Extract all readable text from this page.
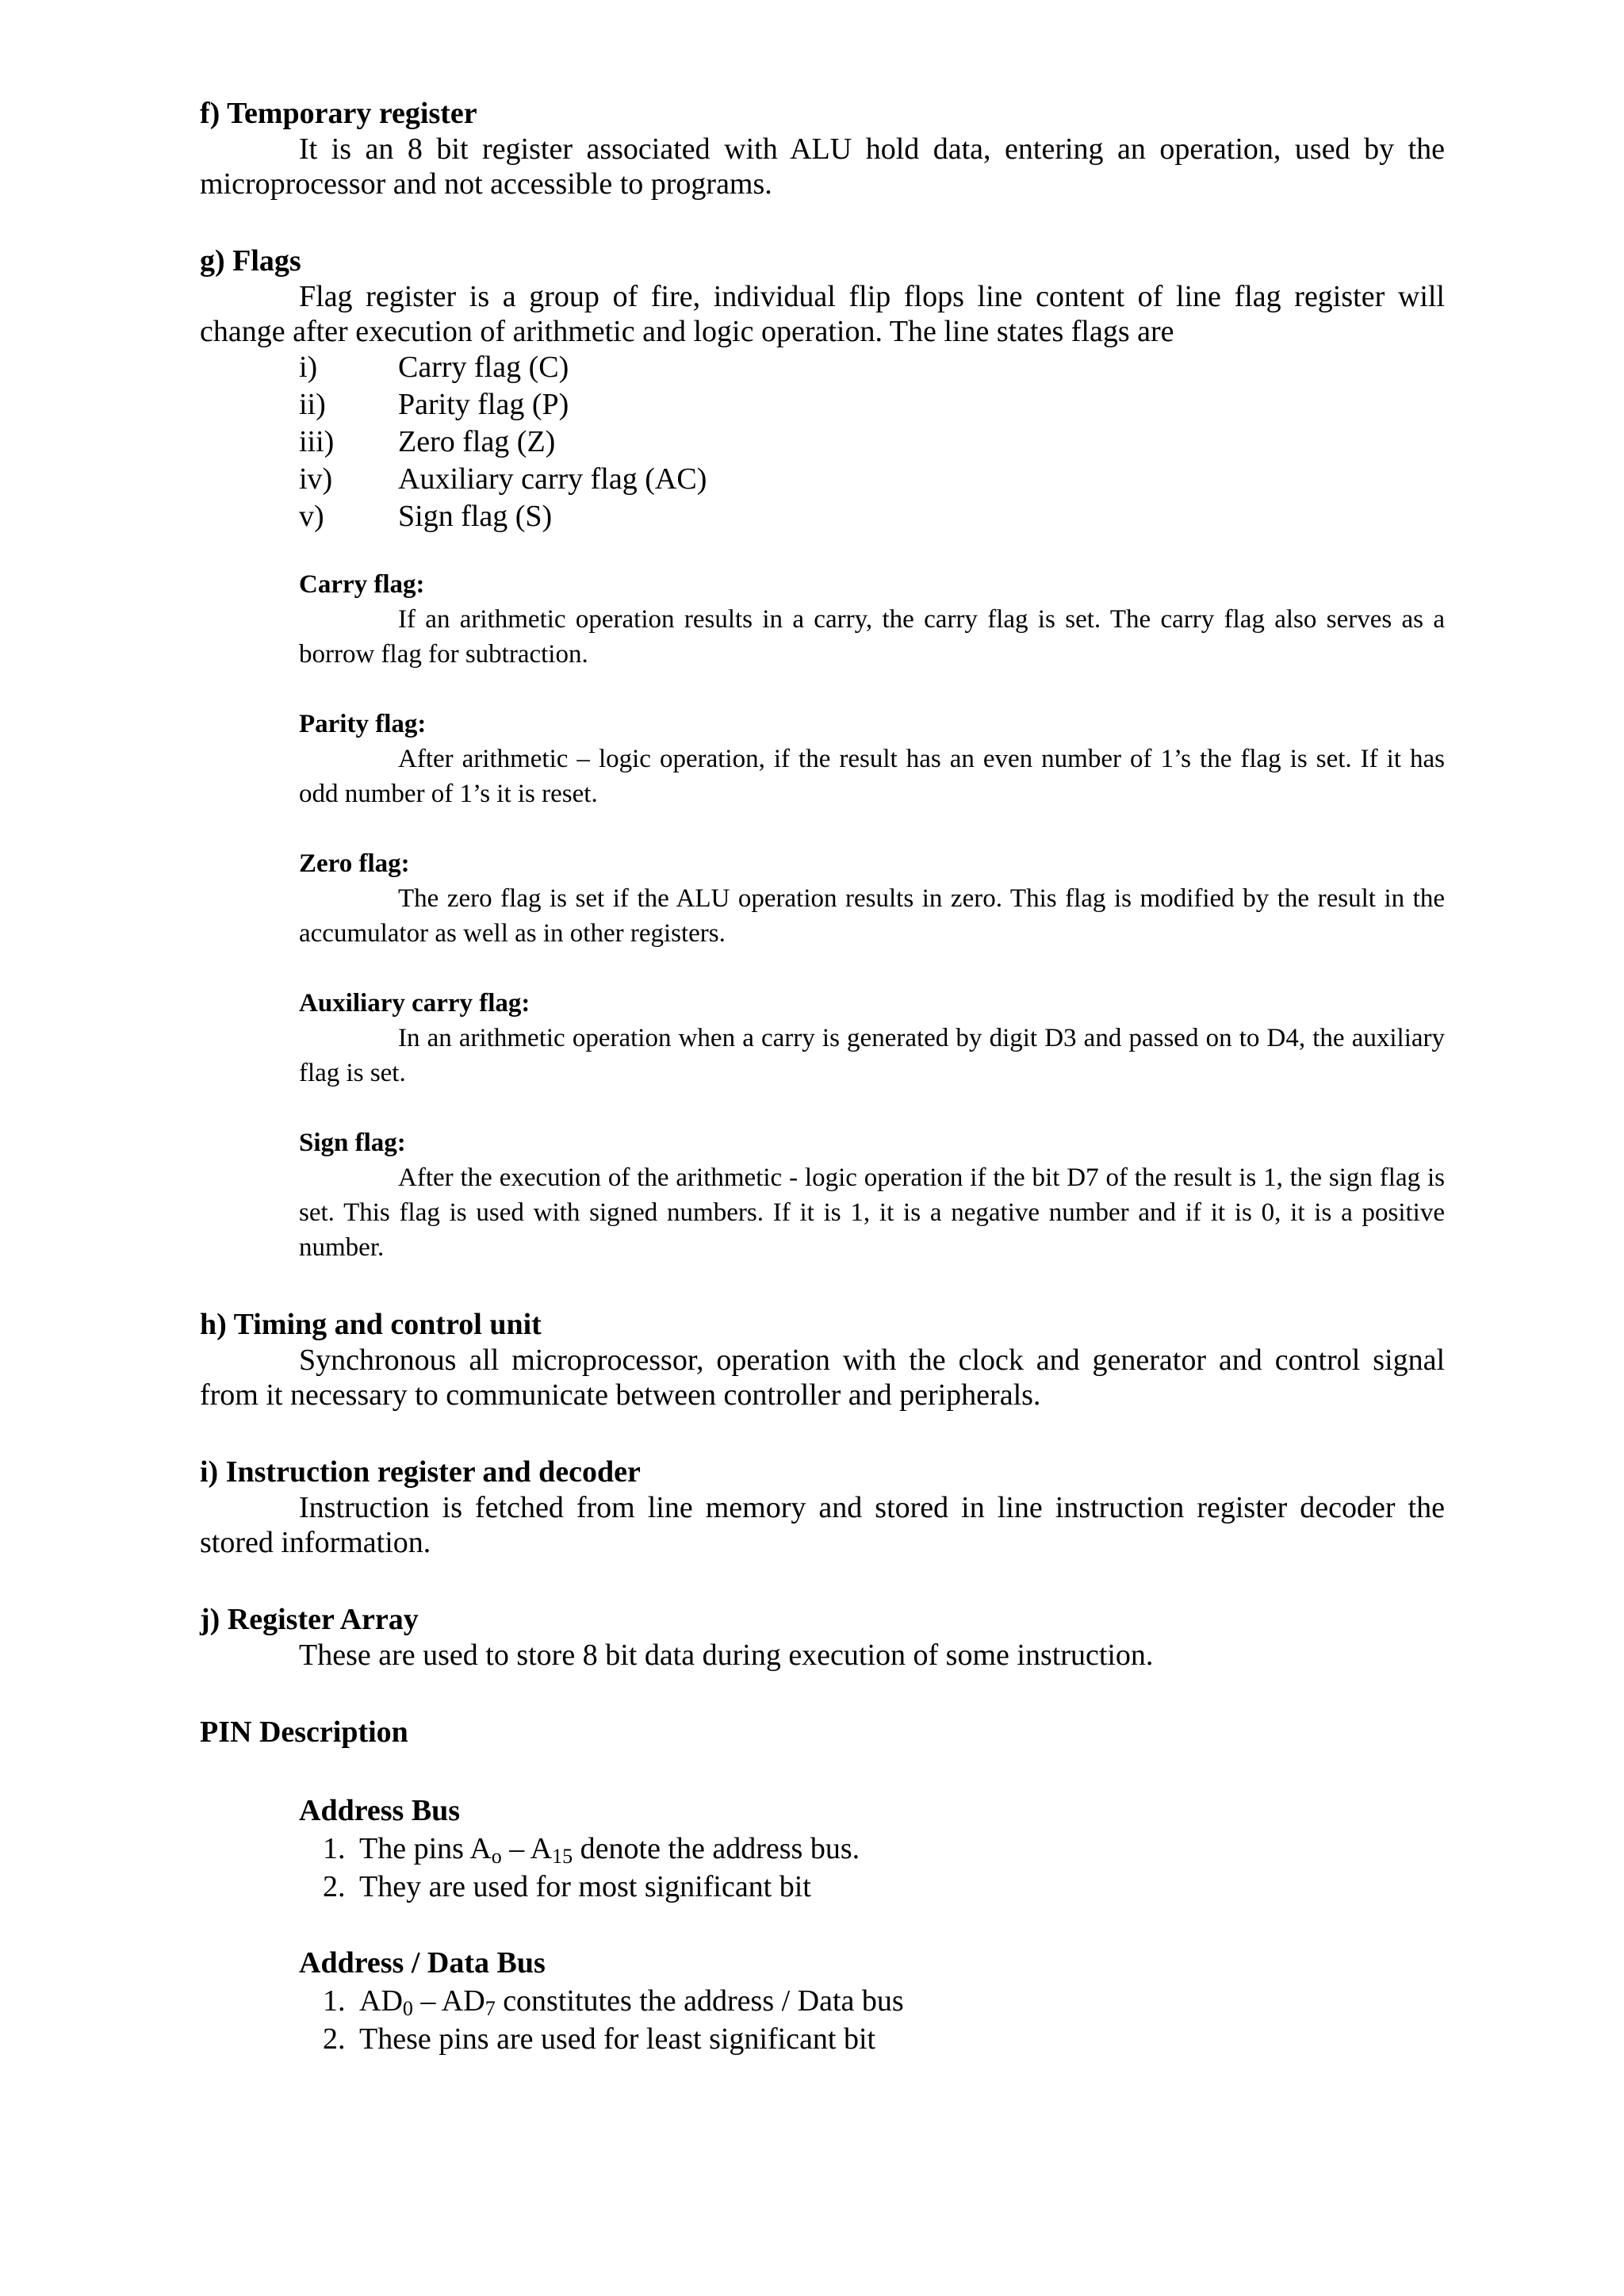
f) Temporary register

It is an 8 bit register associated with ALU hold data, entering an operation, used by the microprocessor and not accessible to programs.

g) Flags

Flag register is a group of fire, individual flip flops line content of line flag register will change after execution of arithmetic and logic operation. The line states flags are

i)	Carry flag (C)
ii)	Parity flag (P)
iii)	Zero flag (Z)
iv)	Auxiliary carry flag (AC)
v)	Sign flag (S)
Carry flag:

If an arithmetic operation results in a carry, the carry flag is set. The carry flag also serves as a borrow flag for subtraction.

Parity flag:

After arithmetic – logic operation, if the result has an even number of 1’s the flag is set. If it has odd number of 1’s it is reset.

Zero flag:

The zero flag is set if the ALU operation results in zero. This flag is modified by the result in the accumulator as well as in other registers.

Auxiliary carry flag:

In an arithmetic operation when a carry is generated by digit D3 and passed on to D4, the auxiliary flag is set.

Sign flag:

After the execution of the arithmetic - logic operation if the bit D7 of the result is 1, the sign flag is set. This flag is used with signed numbers. If it is 1, it is a negative number and if it is 0, it is a positive number.

h) Timing and control unit

Synchronous all microprocessor, operation with the clock and generator and control signal from it necessary to communicate between controller and peripherals.

i) Instruction register and decoder

Instruction is fetched from line memory and stored in line instruction register decoder the stored information.

j) Register Array

These are used to store 8 bit data during execution of some instruction.

PIN Description
Address Bus
1. The pins $A_o - A_{15}$ denote the address bus.
2. They are used for most significant bit
Address / Data Bus
1. $AD_0 - AD_7$ constitutes the address / Data bus
2. These pins are used for least significant bit
